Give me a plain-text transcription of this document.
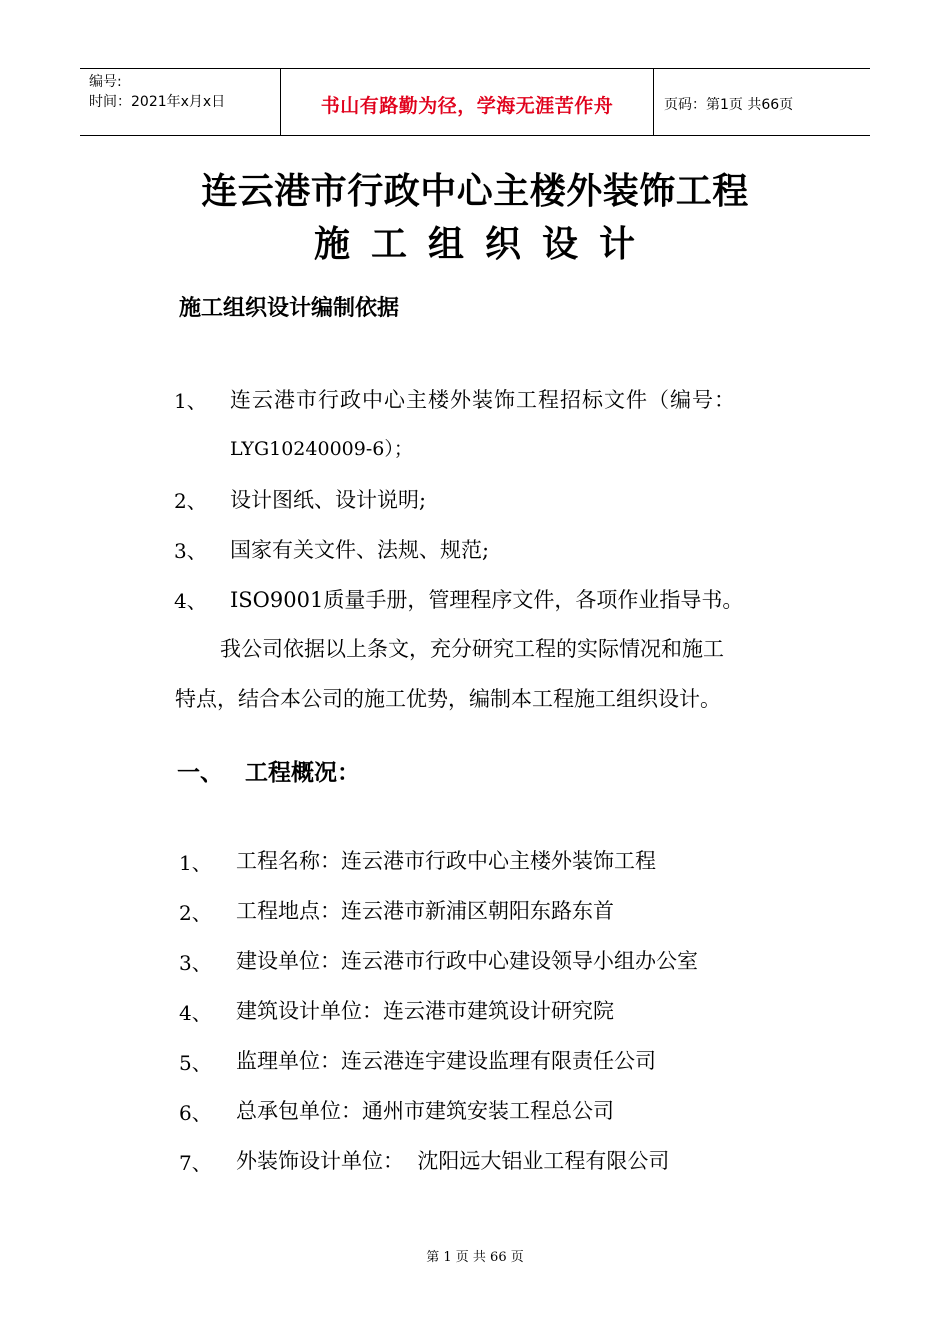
编号:
时间：2021年x月x日	书山有路勤为径，学海无涯苦作舟	页码：第1页 共66页
连云港市行政中心主楼外装饰工程
施工组织设计
施工组织设计编制依据
1、 连云港市行政中心主楼外装饰工程招标文件（编号：
LYG10240009-6）；
2、 设计图纸、设计说明;
3、 国家有关文件、法规、规范;
4、 ISO9001质量手册，管理程序文件，各项作业指导书。
我公司依据以上条文，充分研究工程的实际情况和施工
特点，结合本公司的施工优势，编制本工程施工组织设计。
一、 工程概况：
1、 工程名称：连云港市行政中心主楼外装饰工程
2、 工程地点：连云港市新浦区朝阳东路东首
3、 建设单位：连云港市行政中心建设领导小组办公室
4、 建筑设计单位：连云港市建筑设计研究院
5、 监理单位：连云港连宇建设监理有限责任公司
6、 总承包单位：通州市建筑安装工程总公司
7、 外装饰设计单位：  沈阳远大铝业工程有限公司
第 1 页 共 66 页
